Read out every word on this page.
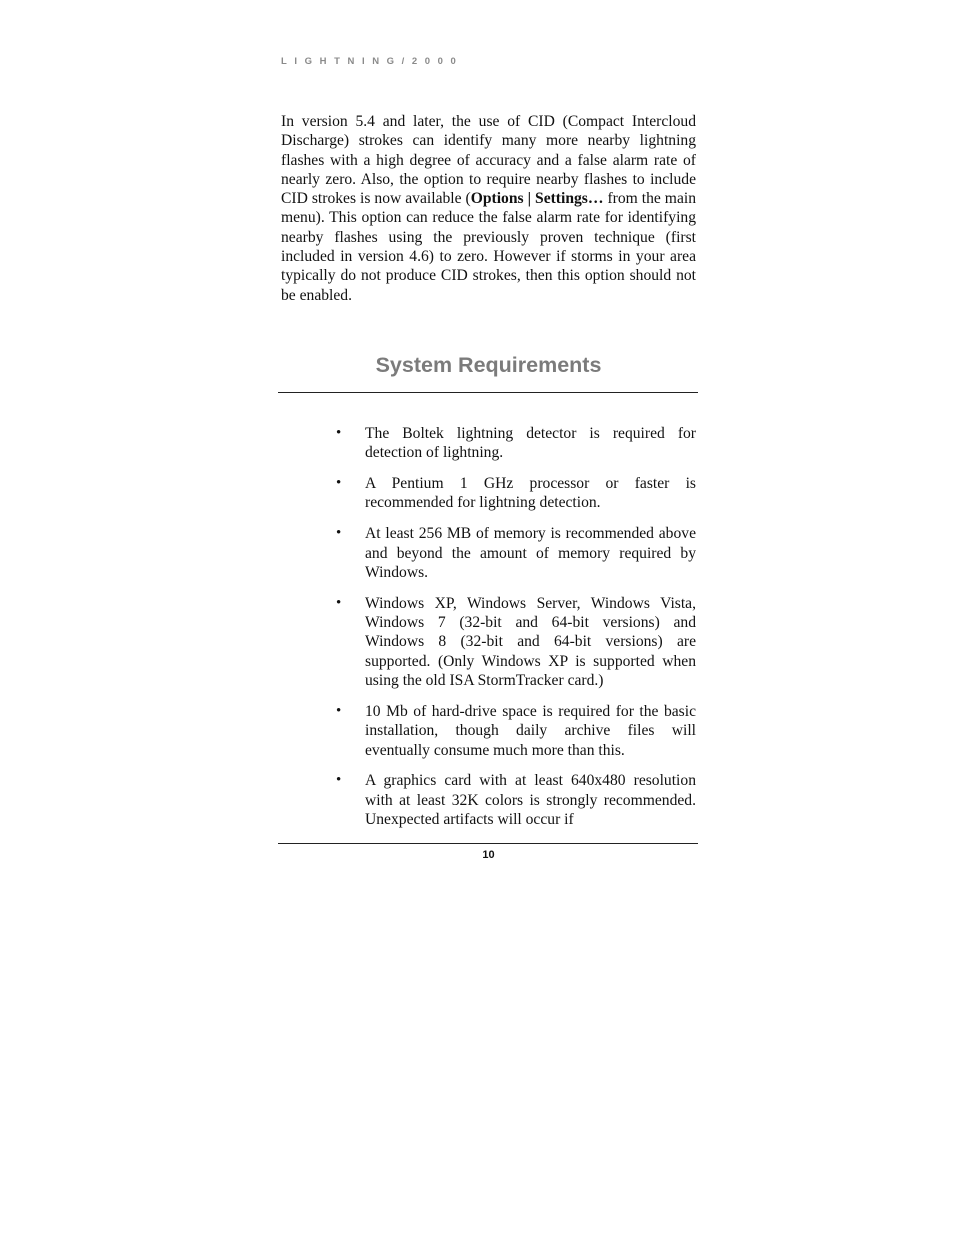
LIGHTNING/2000

In version 5.4 and later, the use of CID (Compact Intercloud Discharge) strokes can identify many more nearby lightning flashes with a high degree of accuracy and a false alarm rate of nearly zero. Also, the option to require nearby flashes to include CID strokes is now available (Options | Settings… from the main menu). This option can reduce the false alarm rate for identifying nearby flashes using the previously proven technique (first included in version 4.6) to zero. However if storms in your area typically do not produce CID strokes, then this option should not be enabled.

System Requirements
• The Boltek lightning detector is required for detection of lightning.
• A Pentium 1 GHz processor or faster is recommended for lightning detection.
• At least 256 MB of memory is recommended above and beyond the amount of memory required by Windows.
• Windows XP, Windows Server, Windows Vista, Windows 7 (32-bit and 64-bit versions) and Windows 8 (32-bit and 64-bit versions) are supported. (Only Windows XP is supported when using the old ISA StormTracker card.)
• 10 Mb of hard-drive space is required for the basic installation, though daily archive files will eventually consume much more than this.
• A graphics card with at least 640x480 resolution with at least 32K colors is strongly recommended. Unexpected artifacts will occur if
10
